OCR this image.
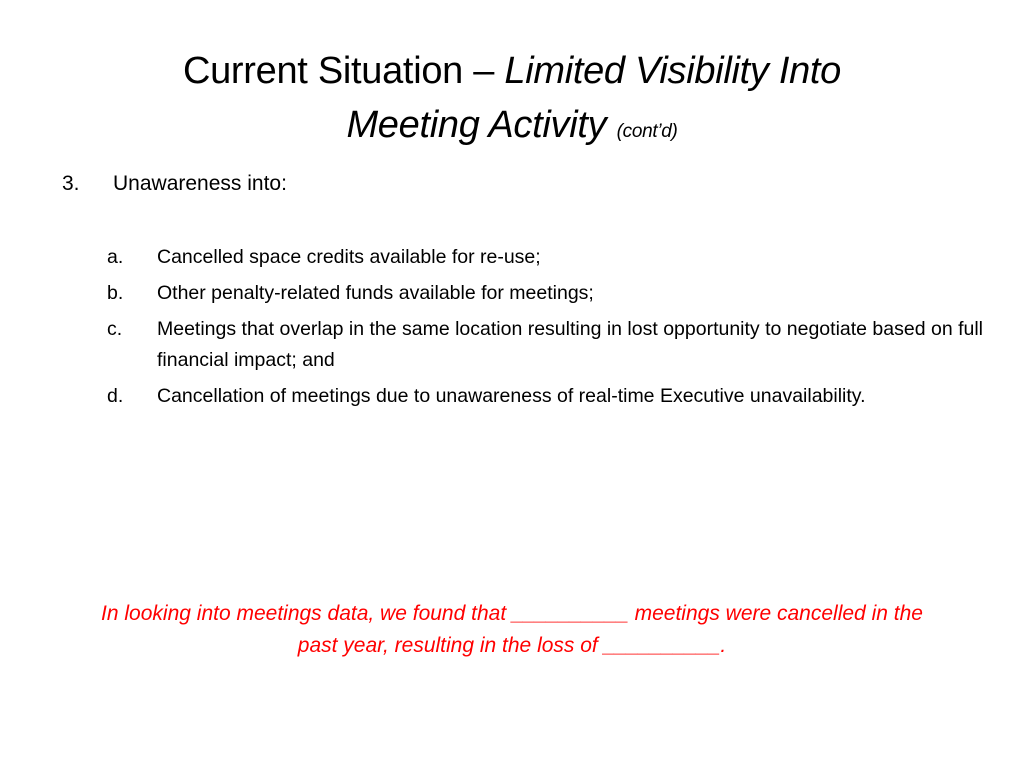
Current Situation – Limited Visibility Into
Meeting Activity (cont’d)
3. Unawareness into:
a.	Cancelled space credits available for re-use;
b.	Other penalty-related funds available for meetings;
c.	Meetings that overlap in the same location resulting in lost opportunity to negotiate based on full financial impact; and
d.	Cancellation of meetings due to unawareness of real-time Executive unavailability.
In looking into meetings data, we found that __________ meetings were cancelled in the past year, resulting in the loss of __________.
